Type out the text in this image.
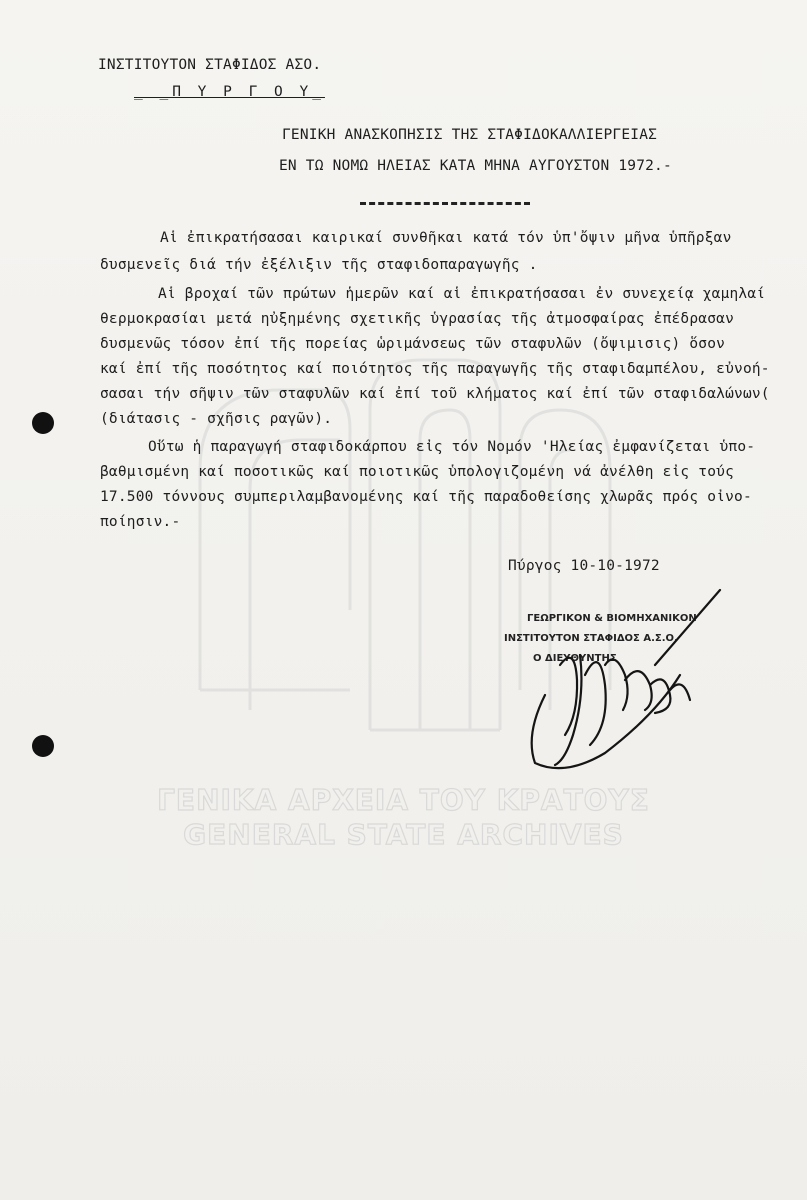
ΙΝΣΤΙΤΟΥΤΟΝ ΣΤΑΦΙΔΟΣ ΑΣΟ.
_ _Π Υ Ρ Γ Ο Υ_
ΓΕΝΙΚΗ ΑΝΑΣΚΟΠΗΣΙΣ ΤΗΣ ΣΤΑΦΙΔΟΚΑΛΛΙΕΡΓΕΙΑΣ
ΕΝ ΤΩ ΝΟΜΩ ΗΛΕΙΑΣ ΚΑΤΑ ΜΗΝΑ ΑΥΓΟΥΣΤΟΝ 1972.-
Αἱ ἐπικρατήσασαι καιρικαί συνθῆκαι κατά τόν ὑπ'ὄψιν μῆνα ὑπῆρξαν
δυσμενεῖς διά τήν ἐξέλιξιν τῆς σταφιδοπαραγωγῆς .
Αἱ βροχαί τῶν πρώτων ἡμερῶν καί αἱ ἐπικρατήσασαι ἐν συνεχείᾳ χαμηλαί
θερμοκρασίαι μετά ηὐξημένης σχετικῆς ὑγρασίας τῆς ἀτμοσφαίρας ἐπέδρασαν
δυσμενῶς τόσον ἐπί τῆς πορείας ὡριμάνσεως τῶν σταφυλῶν (ὄψιμισις) ὅσον
καί ἐπί τῆς ποσότητος καί ποιότητος τῆς παραγωγῆς τῆς σταφιδαμπέλου, εὐνοή-
σασαι τήν σῆψιν τῶν σταφυλῶν καί ἐπί τοῦ κλήματος καί ἐπί τῶν σταφιδαλώνων(
(διάτασις - σχῆσις ραγῶν).
Οὕτω ἡ παραγωγή σταφιδοκάρπου εἰς τόν Νομόν 'Ηλείας ἐμφανίζεται ὑπο-
βαθμισμένη καί ποσοτικῶς καί ποιοτικῶς ὑπολογιζομένη νά ἀνέλθη εἰς τούς
17.500 τόννους συμπεριλαμβανομένης καί τῆς παραδοθείσης χλωρᾶς πρός οἰνο-
ποίησιν.-
Πύργος 10-10-1972
ΓΕΩΡΓΙΚΟΝ & ΒΙΟΜΗΧΑΝΙΚΟΝ
ΙΝΣΤΙΤΟΥΤΟΝ ΣΤΑΦΙΔΟΣ Α.Σ.Ο.
Ο ΔΙΕΥΘΥΝΤΗΣ
ΓΕΝΙΚΑ ΑΡΧΕΙΑ ΤΟΥ ΚΡΑΤΟΥΣ
GENERAL STATE ARCHIVES
